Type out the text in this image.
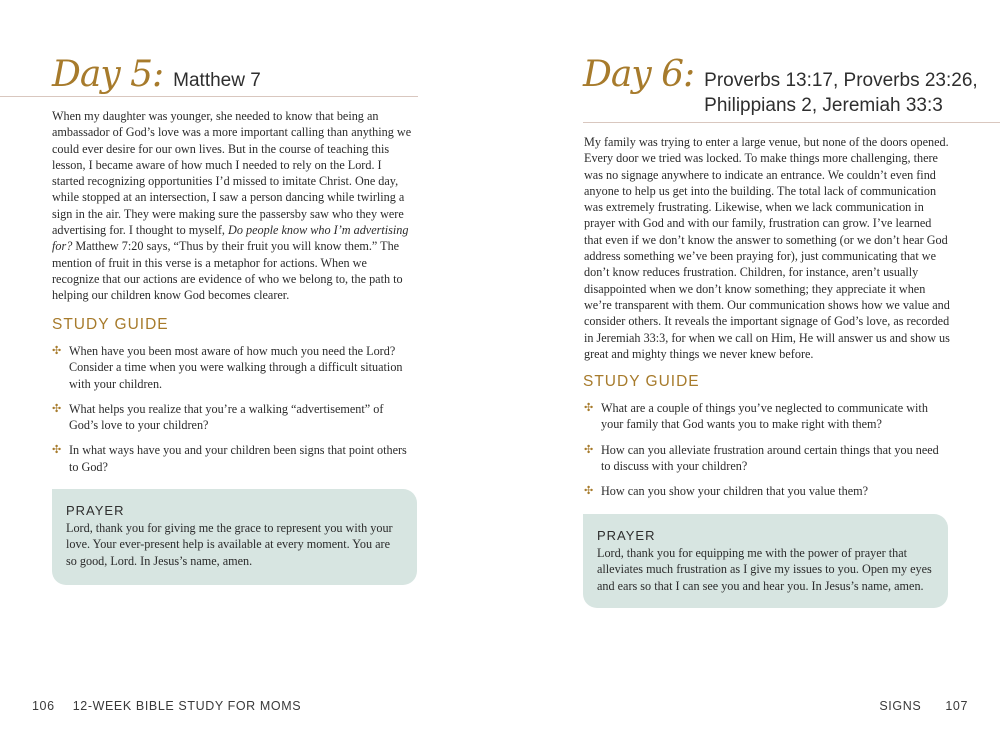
Day 5: Matthew 7
When my daughter was younger, she needed to know that being an ambassador of God’s love was a more important calling than anything we could ever desire for our own lives. But in the course of teaching this lesson, I became aware of how much I needed to rely on the Lord. I started recognizing opportunities I’d missed to imitate Christ. One day, while stopped at an intersection, I saw a person dancing while twirling a sign in the air. They were making sure the passersby saw who they were advertising for. I thought to myself, Do people know who I’m advertising for? Matthew 7:20 says, “Thus by their fruit you will know them.” The mention of fruit in this verse is a metaphor for actions. When we recognize that our actions are evidence of who we belong to, the path to helping our children know God becomes clearer.
STUDY GUIDE
✣ When have you been most aware of how much you need the Lord? Consider a time when you were walking through a difficult situation with your children.
✣ What helps you realize that you’re a walking “advertisement” of God’s love to your children?
✣ In what ways have you and your children been signs that point others to God?
PRAYER
Lord, thank you for giving me the grace to represent you with your love. Your ever-present help is available at every moment. You are so good, Lord. In Jesus’s name, amen.
106 12-WEEK BIBLE STUDY FOR MOMS
Day 6: Proverbs 13:17, Proverbs 23:26,
Philippians 2, Jeremiah 33:3
My family was trying to enter a large venue, but none of the doors opened. Every door we tried was locked. To make things more challenging, there was no signage anywhere to indicate an entrance. We couldn’t even find anyone to help us get into the building. The total lack of communication was extremely frustrating. Likewise, when we lack communication in prayer with God and with our family, frustration can grow. I’ve learned that even if we don’t know the answer to something (or we don’t hear God address something we’ve been praying for), just communicating that we don’t know reduces frustration. Children, for instance, aren’t usually disappointed when we don’t know something; they appreciate it when we’re transparent with them. Our communication shows how we value and consider others. It reveals the important signage of God’s love, as recorded in Jeremiah 33:3, for when we call on Him, He will answer us and show us great and mighty things we never knew before.
STUDY GUIDE
✣ What are a couple of things you’ve neglected to communicate with your family that God wants you to make right with them?
✣ How can you alleviate frustration around certain things that you need to discuss with your children?
✣ How can you show your children that you value them?
PRAYER
Lord, thank you for equipping me with the power of prayer that alleviates much frustration as I give my issues to you. Open my eyes and ears so that I can see you and hear you. In Jesus’s name, amen.
SIGNS 107
